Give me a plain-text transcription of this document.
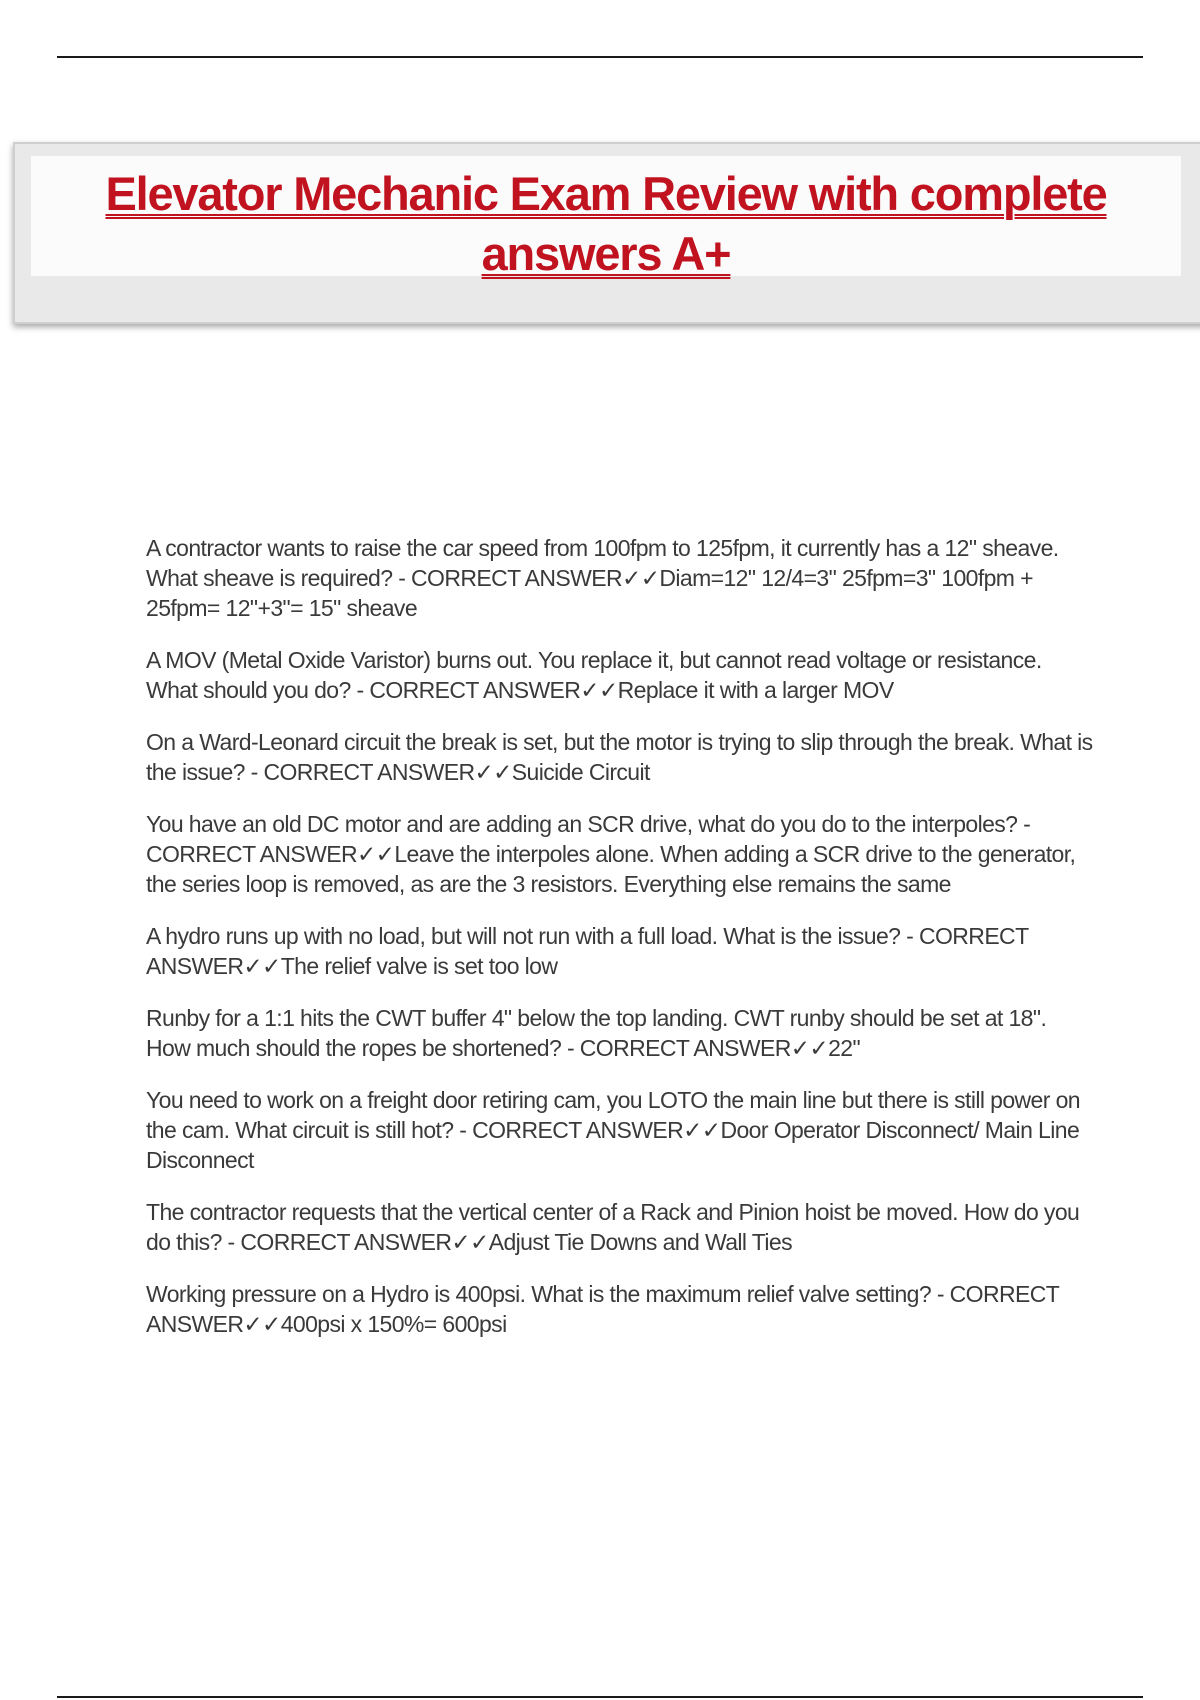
Elevator Mechanic Exam Review with complete answers A+

A contractor wants to raise the car speed from 100fpm to 125fpm, it currently has a 12" sheave. What sheave is required? - CORRECT ANSWER✓✓Diam=12" 12/4=3" 25fpm=3" 100fpm + 25fpm= 12"+3"= 15" sheave

A MOV (Metal Oxide Varistor) burns out. You replace it, but cannot read voltage or resistance. What should you do? - CORRECT ANSWER✓✓Replace it with a larger MOV

On a Ward-Leonard circuit the break is set, but the motor is trying to slip through the break. What is the issue? - CORRECT ANSWER✓✓Suicide Circuit

You have an old DC motor and are adding an SCR drive, what do you do to the interpoles? - CORRECT ANSWER✓✓Leave the interpoles alone. When adding a SCR drive to the generator, the series loop is removed, as are the 3 resistors. Everything else remains the same

A hydro runs up with no load, but will not run with a full load. What is the issue? - CORRECT ANSWER✓✓The relief valve is set too low

Runby for a 1:1 hits the CWT buffer 4" below the top landing. CWT runby should be set at 18". How much should the ropes be shortened? - CORRECT ANSWER✓✓22"

You need to work on a freight door retiring cam, you LOTO the main line but there is still power on the cam. What circuit is still hot? - CORRECT ANSWER✓✓Door Operator Disconnect/ Main Line Disconnect

The contractor requests that the vertical center of a Rack and Pinion hoist be moved. How do you do this? - CORRECT ANSWER✓✓Adjust Tie Downs and Wall Ties

Working pressure on a Hydro is 400psi. What is the maximum relief valve setting? - CORRECT ANSWER✓✓400psi x 150%= 600psi
